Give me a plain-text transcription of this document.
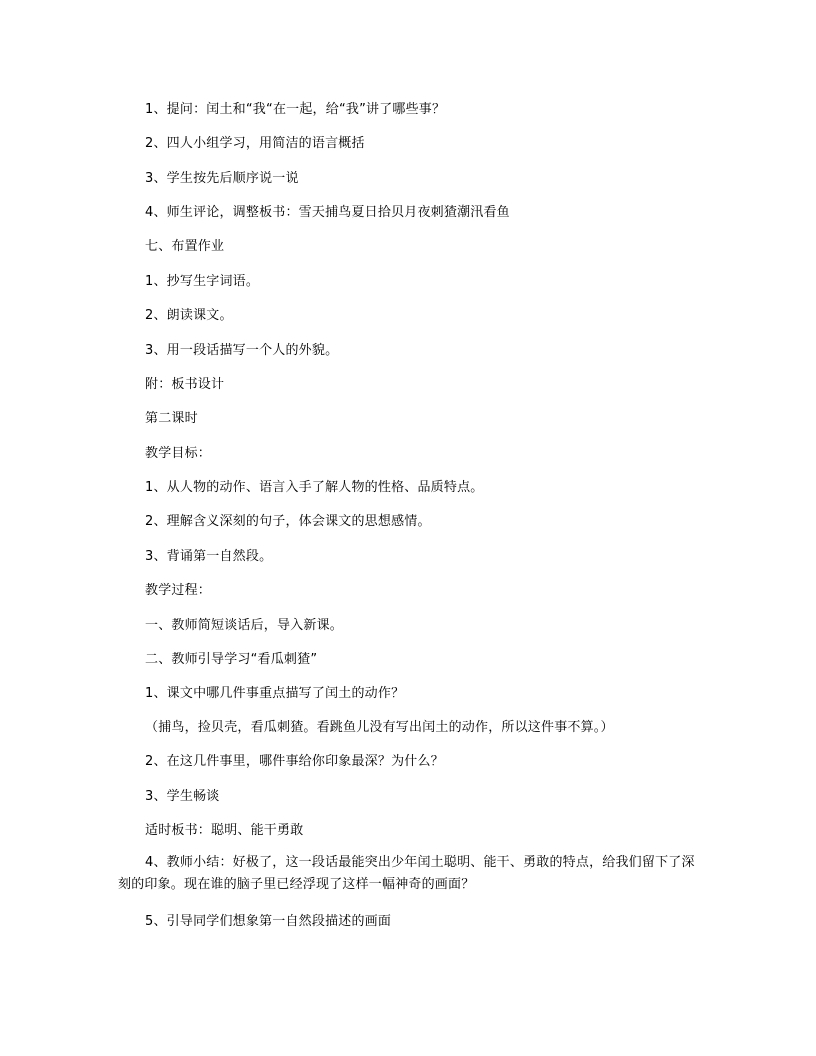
1、提问：闰土和“我“在一起，给“我”讲了哪些事？
2、四人小组学习，用简洁的语言概括
3、学生按先后顺序说一说
4、师生评论，调整板书：雪天捕鸟夏日拾贝月夜刺猹潮汛看鱼
七、布置作业
1、抄写生字词语。
2、朗读课文。
3、用一段话描写一个人的外貌。
附：板书设计
第二课时
教学目标：
1、从人物的动作、语言入手了解人物的性格、品质特点。
2、理解含义深刻的句子，体会课文的思想感情。
3、背诵第一自然段。
教学过程：
一、教师简短谈话后，导入新课。
二、教师引导学习“看瓜刺猹”
1、课文中哪几件事重点描写了闰土的动作？
（捕鸟，捡贝壳，看瓜刺猹。看跳鱼儿没有写出闰土的动作，所以这件事不算。）
2、在这几件事里，哪件事给你印象最深？为什么？
3、学生畅谈
适时板书：聪明、能干勇敢
4、教师小结：好极了，这一段话最能突出少年闰土聪明、能干、勇敢的特点，给我们留下了深刻的印象。现在谁的脑子里已经浮现了这样一幅神奇的画面？
5、引导同学们想象第一自然段描述的画面
